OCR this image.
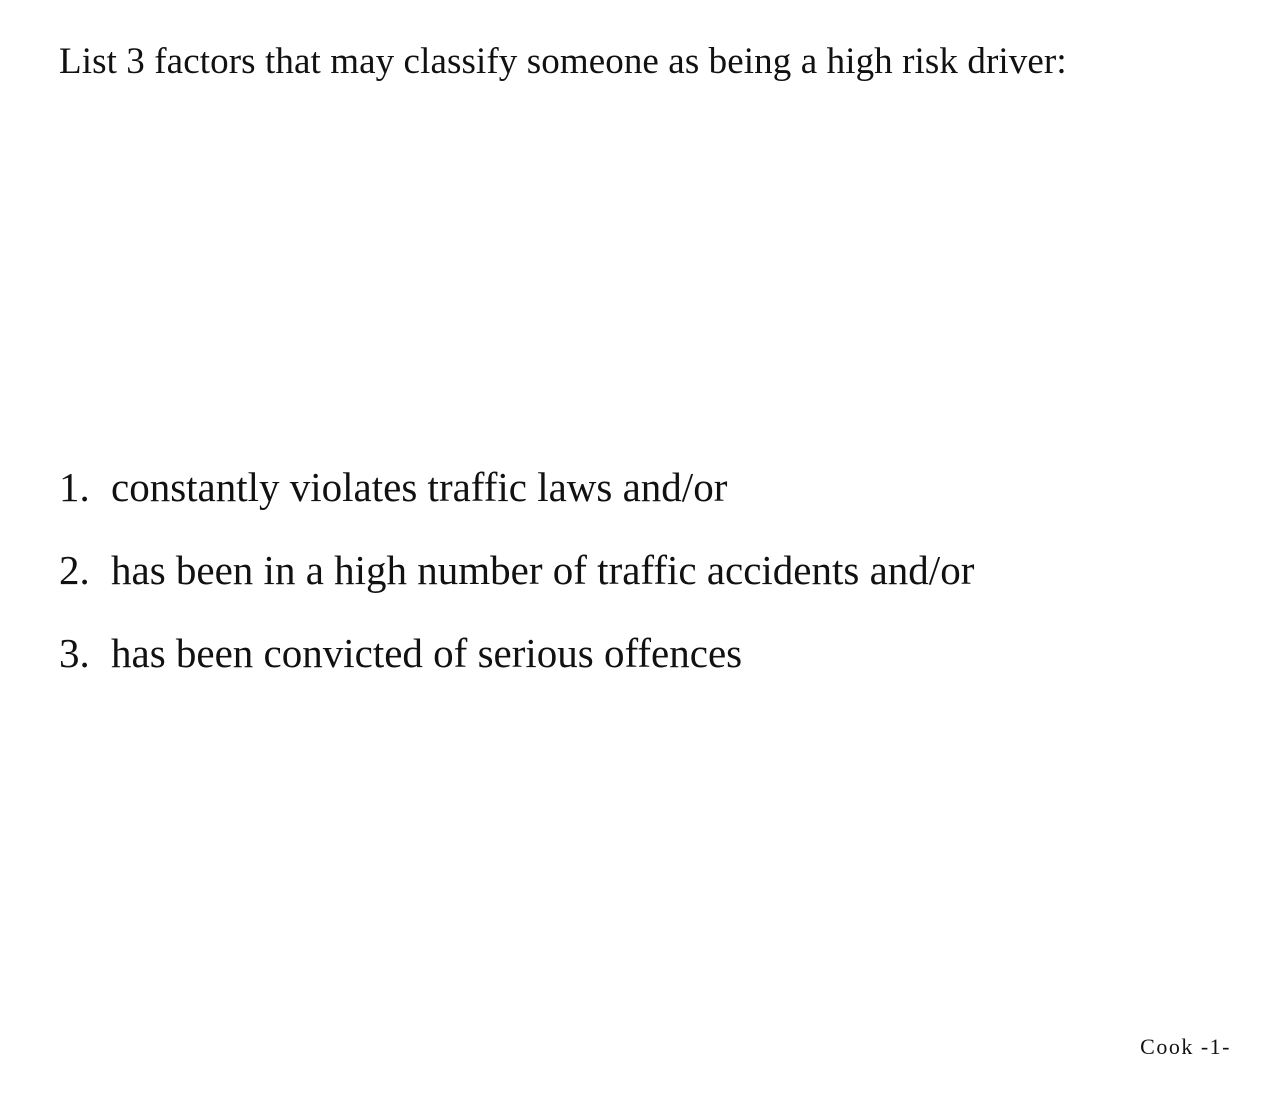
List 3 factors that may classify someone as being a high risk driver:
1. constantly violates traffic laws and/or
2. has been in a high number of traffic accidents and/or
3. has been convicted of serious offences
Cook -1-
